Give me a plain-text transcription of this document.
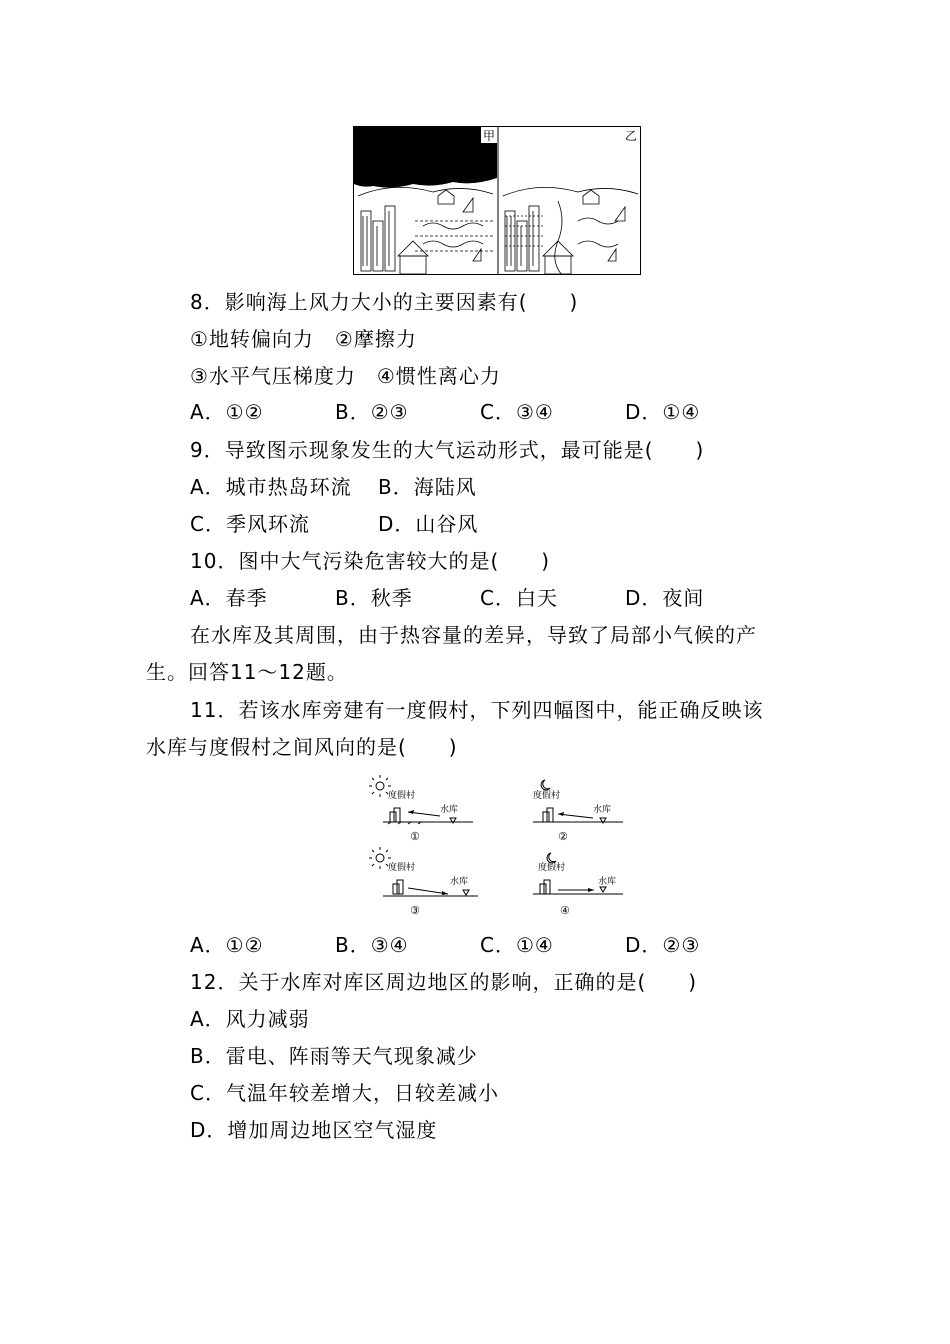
甲	乙
8．影响海上风力大小的主要因素有(　　)
①地转偏向力　②摩擦力
③水平气压梯度力　④惯性离心力
A．①②	B．②③	C．③④	D．①④
9．导致图示现象发生的大气运动形式，最可能是(　　)
A．城市热岛环流 B．海陆风
C．季风环流	D．山谷风
10．图中大气污染危害较大的是(　　)
A．春季	B．秋季	C．白天	D．夜间
在水库及其周围，由于热容量的差异，导致了局部小气候的产
生。回答11～12题。
11．若该水库旁建有一度假村，下列四幅图中，能正确反映该
水库与度假村之间风向的是(　　)
度假村
水库
①
度假村
水库
②
度假村
水库
③
度假村
水库
④
A．①②	B．③④	C．①④	D．②③
12．关于水库对库区周边地区的影响，正确的是(　　)
A．风力减弱
B．雷电、阵雨等天气现象减少
C．气温年较差增大，日较差减小
D．增加周边地区空气湿度
